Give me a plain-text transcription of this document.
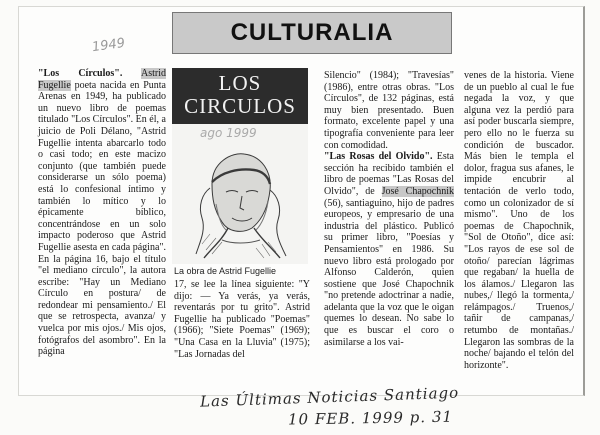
CULTURALIA
1949

"Los Círculos". Astrid Fugellie poeta nacida en Punta Arenas en 1949, ha publicado un nuevo libro de poemas titulado "Los Círculos". En él, a juicio de Poli Délano, "Astrid Fugellie intenta abarcarlo todo o casi todo; en este macizo conjunto (que también puede considerarse un sólo poema) está lo confesional íntimo y también lo mítico y lo épicamente bíblico, concentrándose en un solo impacto poderoso que Astrid Fugellie asesta en cada página". En la página 16, bajo el título "el mediano círculo", la autora escribe: "Hay un Mediano Círculo en postura/ de redondear mi pensamiento./ El que se retrospecta, avanza/ y vuelca por mis ojos./ Mis ojos, fotógrafos del asombro". En la página

LOS
CIRCULOS
ago 1999
La obra de Astrid Fugellie

17, se lee la línea siguiente: "Y dijo: — Ya verás, ya verás, reventarás por tu grito". Astrid Fugellie ha publicado "Poemas" (1966); "Siete Poemas" (1969); "Una Casa en la Lluvia" (1975); "Las Jornadas del

Silencio" (1984); "Travesías" (1986), entre otras obras. "Los Círculos", de 132 páginas, está muy bien presentado. Buen formato, excelente papel y una tipografía conveniente para leer con comodidad.

"Las Rosas del Olvido". Esta sección ha recibido también el libro de poemas "Las Rosas del Olvido", de José Chapochnik (56), santiaguino, hijo de padres europeos, y empresario de una industria del plástico. Publicó su primer libro, "Poesías y Pensamientos" en 1986. Su nuevo libro está prologado por Alfonso Calderón, quien sostiene que José Chapochnik "no pretende adoctrinar a nadie, adelanta que la voz que le oigan quemes lo desean. No sabe lo que es buscar el coro o asimilarse a los vai-

venes de la historia. Viene de un pueblo al cual le fue negada la voz, y que alguna vez la perdió para así poder buscarla siempre, pero ello no le fuerza su condición de buscador. Más bien le templa el dolor, fragua sus afanes, le impide encubrir al tentación de verlo todo, como un colonizador de sí mismo". Uno de los poemas de Chapochnik, "Sol de Otoño", dice así: "Los rayos de ese sol de otoño/ parecían lágrimas que regaban/ la huella de los álamos./ Llegaron las nubes,/ llegó la tormenta,/ relámpagos./ Truenos,/ tañir de campanas,/ retumbo de montañas./ Llegaron las sombras de la noche/ bajando el telón del horizonte".

Las Últimas Noticias Santiago
10 FEB. 1999 p. 31
